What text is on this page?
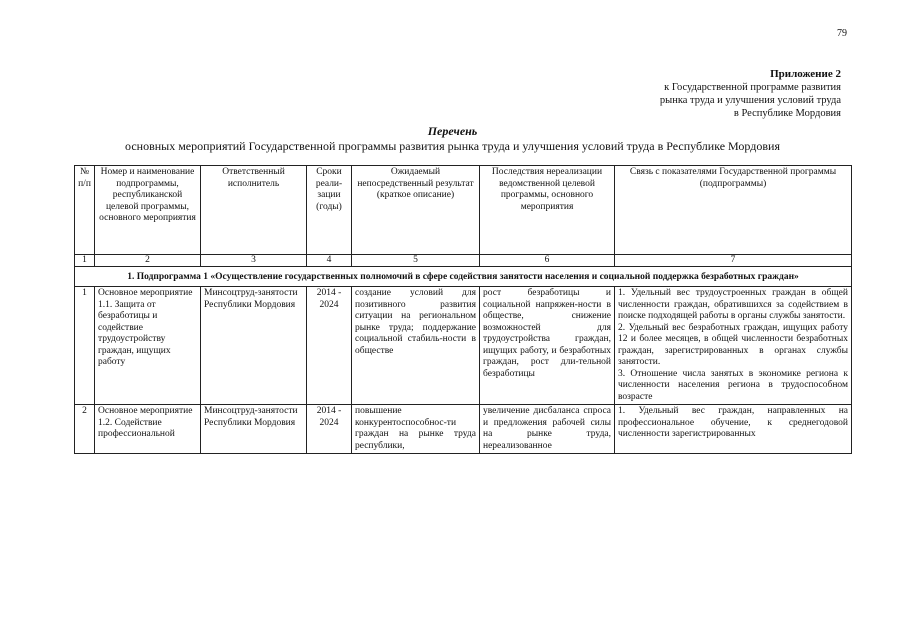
79
Приложение 2
к Государственной программе развития
рынка труда и улучшения условий труда
в Республике Мордовия
Перечень
основных мероприятий Государственной программы развития рынка труда и улучшения условий труда в Республике Мордовия
№ п/п	Номер и наименование подпрограммы, республиканской целевой программы, основного мероприятия	Ответственный исполнитель	Сроки реали-зации (годы)	Ожидаемый непосредственный результат (краткое описание)	Последствия нереализации ведомственной целевой программы, основного мероприятия	Связь с показателями Государственной программы (подпрограммы)
1	2	3	4	5	6	7
1. Подпрограмма 1 «Осуществление государственных полномочий в сфере содействия занятости населения и социальной поддержка безработных граждан»						
1	Основное мероприятие 1.1. Защита от безработицы и содействие трудоустройству граждан, ищущих работу	Минсоцтруд-занятости Республики Мордовия	2014 - 2024	создание условий для позитивного развития ситуации на региональном рынке труда; поддержание социальной стабиль-ности в обществе	рост безработицы и социальной напряжен-ности в обществе, снижение возможностей для трудоустройства граждан, ищущих работу, и безработных граждан, рост дли-тельной безработицы	1. Удельный вес трудоустроенных граждан в общей численности граждан, обратившихся за содействием в поиске подходящей работы в органы службы занятости.
2. Удельный вес безработных граждан, ищущих работу 12 и более месяцев, в общей численности безработных граждан, зарегистрированных в органах службы занятости.
3. Отношение числа занятых в экономике региона к численности населения региона в трудоспособном возрасте

2	Основное мероприятие 1.2. Содействие профессиональной	Минсоцтруд-занятости Республики Мордовия	2014 - 2024	повышение конкурентоспособнос-ти граждан на рынке труда республики,	увеличение дисбаланса спроса и предложения рабочей силы на рынке труда, нереализованное	1. Удельный вес граждан, направленных на профессиональное обучение, к среднегодовой численности зарегистрированных
